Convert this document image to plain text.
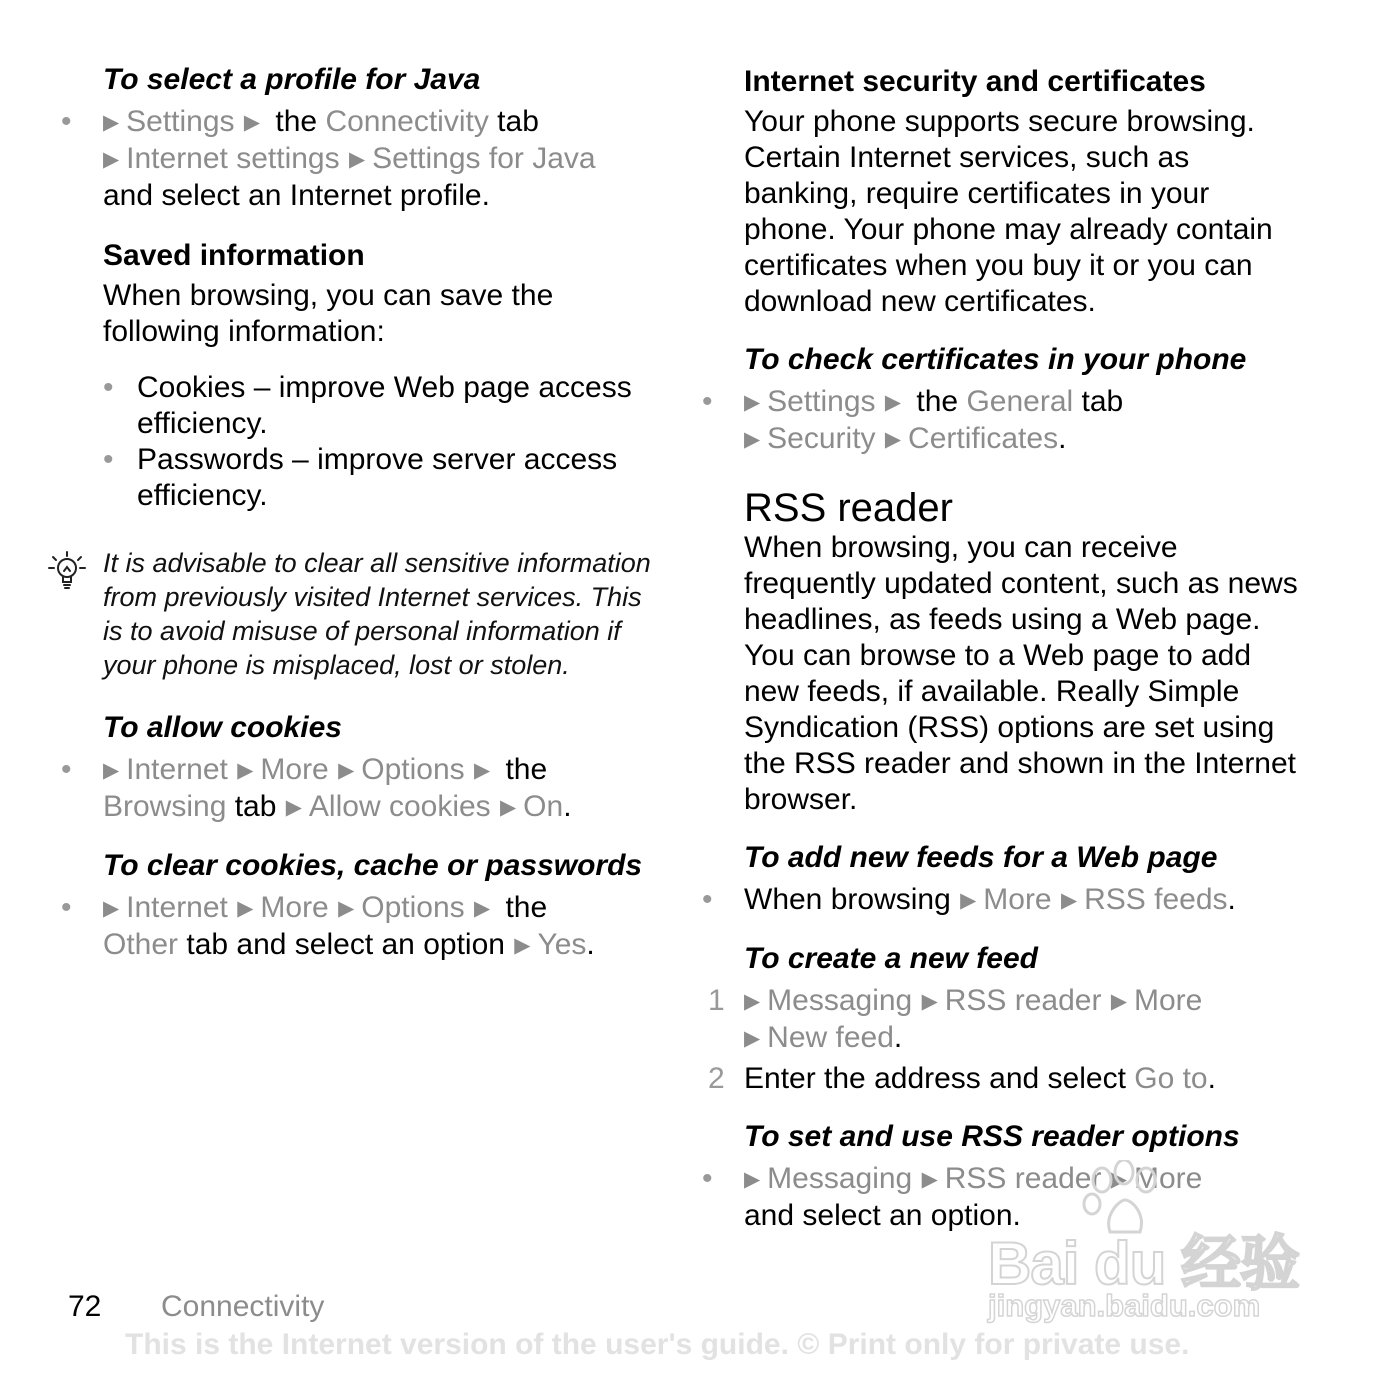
To select a profile for Java
•	▶ Settings ▶ the Connectivity tab
▶ Internet settings ▶ Settings for Java
and select an Internet profile.
Saved information
When browsing, you can save the following information:
• Cookies – improve Web page access efficiency.
• Passwords – improve server access efficiency.
It is advisable to clear all sensitive information from previously visited Internet services. This is to avoid misuse of personal information if your phone is misplaced, lost or stolen.
To allow cookies
•	▶ Internet ▶ More ▶ Options ▶ the
Browsing tab ▶ Allow cookies ▶ On.
To clear cookies, cache or passwords
•	▶ Internet ▶ More ▶ Options ▶ the
Other tab and select an option ▶ Yes.
Internet security and certificates
Your phone supports secure browsing. Certain Internet services, such as banking, require certificates in your phone. Your phone may already contain certificates when you buy it or you can download new certificates.
To check certificates in your phone
•	▶ Settings ▶ the General tab
▶ Security ▶ Certificates.
RSS reader
When browsing, you can receive frequently updated content, such as news headlines, as feeds using a Web page. You can browse to a Web page to add new feeds, if available. Really Simple Syndication (RSS) options are set using the RSS reader and shown in the Internet browser.
To add new feeds for a Web page
•	When browsing ▶ More ▶ RSS feeds.
To create a new feed
1 ▶ Messaging ▶ RSS reader ▶ More
▶ New feed.
2 Enter the address and select Go to.
To set and use RSS reader options
•	▶ Messaging ▶ RSS reader ▶ More
and select an option.
Bai du 经验
jingyan.baidu.com
72 Connectivity
This is the Internet version of the user's guide. © Print only for private use.
